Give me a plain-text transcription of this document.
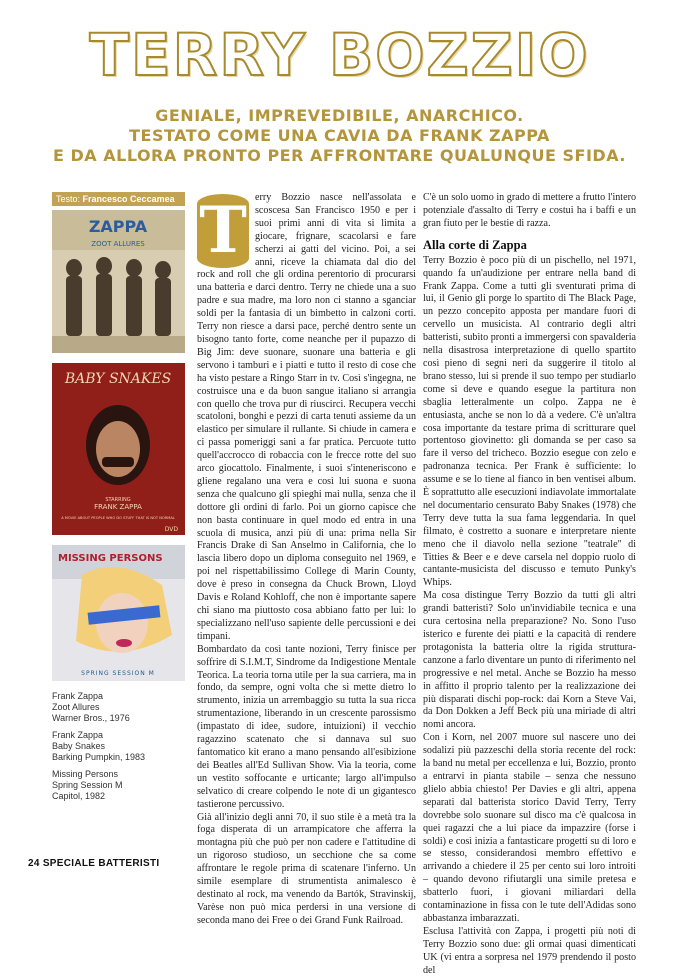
TERRY BOZZIO
GENIALE, IMPREVEDIBILE, ANARCHICO.
TESTATO COME UNA CAVIA DA FRANK ZAPPA
E DA ALLORA PRONTO PER AFFRONTARE QUALUNQUE SFIDA.
Testo: Francesco Ceccamea
ZAPPA
ZOOT ALLURES
BABY SNAKES
STARRING
FRANK ZAPPA
A MOVIE ABOUT PEOPLE WHO DO STUFF THAT IS NOT NORMAL
DVD
MISSING PERSONS
SPRING SESSION M
Frank Zappa
Zoot Allures
Warner Bros., 1976
Frank Zappa
Baby Snakes
Barking Pumpkin, 1983
Missing Persons
Spring Session M
Capitol, 1982
T erry Bozzio nasce nell'assolata e scoscesa San Francisco 1950 e per i suoi primi anni di vita si limita a giocare, frignare, scacolarsi e fare scherzi ai gatti del vicino. Poi, a sei anni, riceve la chiamata dal dio del rock and roll che gli ordina perentorio di procurarsi una batteria e darci dentro. Terry ne chiede una a suo padre e sua madre, ma loro non ci stanno a sganciar soldi per la fantasia di un bimbetto in calzoni corti. Terry non riesce a darsi pace, perché dentro sente un bisogno tanto forte, come neanche per il pupazzo di Big Jim: deve suonare, suonare una batteria e gli servono i tamburi e i piatti e tutto il resto di cose che ha visto pestare a Ringo Starr in tv. Così s'ingegna, ne costruisce una e da buon sangue italiano si arrangia con quello che trova pur di riuscirci. Recupera vecchi scatoloni, bonghi e pezzi di carta tenuti assieme da un elastico per simulare il rullante. Si chiude in camera e ci passa pomeriggi sani a far pratica. Percuote tutto quell'accrocco di robaccia con le frecce rotte del suo arco giocattolo. Finalmente, i suoi s'inteneriscono e gliene regalano una vera e così lui suona e suona senza che qualcuno gli spieghi mai nulla, senza che il dottore gli ordini di farlo. Poi un giorno capisce che non basta continuare in quel modo ed entra in una scuola di musica, anzi più di una: prima nella Sir Francis Drake di San Anselmo in California, che lo lascia libero dopo un diploma conseguito nel 1969, e poi nel rispettabilissimo College di Marin County, dove è preso in consegna da Chuck Brown, Lloyd Davis e Roland Kohloff, che non è importante sapere chi siano ma piuttosto cosa abbiano fatto per lui: lo specializzano nell'uso sapiente delle percussioni e dei timpani.

Bombardato da così tante nozioni, Terry finisce per soffrire di S.I.M.T, Sindrome da Indigestione Mentale Teorica. La teoria torna utile per la sua carriera, ma in fondo, da sempre, ogni volta che si mette dietro lo strumento, inizia un arrembaggio su tutta la sua ricca strumentazione, liberando in un crescente parossismo (impastato di idee, sudore, intuizioni) il vecchio ragazzino scatenato che si dannava sul suo fantomatico kit erano a mano pensando all'esibizione dei Beatles all'Ed Sullivan Show. Via la teoria, come un vestito soffocante e urticante; largo all'impulso selvatico di creare colpendo le note di un gigantesco tastierone percussivo.

Già all'inizio degli anni 70, il suo stile è a metà tra la foga disperata di un arrampicatore che afferra la montagna più che può per non cadere e l'attitudine di un rigoroso studioso, un secchione che sa come affrontare le regole prima di scatenare l'inferno. Un simile esemplare di strumentista animalesco è destinato al rock, ma venendo da Bartók, Stravinskij, Varèse non può mica perdersi in una versione di seconda mano dei Free o dei Grand Funk Railroad.

C'è un solo uomo in grado di mettere a frutto l'intero potenziale d'assalto di Terry e costui ha i baffi e un gran fiuto per le bestie di razza.

Alla corte di Zappa

Terry Bozzio è poco più di un pischello, nel 1971, quando fa un'audizione per entrare nella band di Frank Zappa. Come a tutti gli sventurati prima di lui, il Genio gli porge lo spartito di The Black Page, un pezzo concepito apposta per mandare fuori di cervello un musicista. Al contrario degli altri batteristi, subito pronti a immergersi con spavalderia nella disastrosa interpretazione di quello spartito così pieno di segni neri da suggerire il titolo al brano stesso, lui si prende il suo tempo per studiarlo come si deve e quando esegue la partitura non sbaglia letteralmente un colpo. Zappa ne è entusiasta, anche se non lo dà a vedere. C'è un'altra cosa importante da testare prima di scritturare quel portentoso giovinetto: gli domanda se per caso sa fare il verso del tricheco. Bozzio esegue con zelo e padronanza tecnica. Per Frank è sufficiente: lo assume e se lo tiene al fianco in ben ventisei album. È soprattutto alle esecuzioni indiavolate immortalate nel documentario censurato Baby Snakes (1978) che Terry deve tutta la sua fama leggendaria. In quel filmato, è costretto a suonare e interpretare niente meno che il diavolo nella sezione "teatrale" di Titties & Beer e e deve carsela nel doppio ruolo di cantante-musicista del discusso e temuto Punky's Whips.

Ma cosa distingue Terry Bozzio da tutti gli altri grandi batteristi? Solo un'invidiabile tecnica e una cura certosina nella preparazione? No. Sono l'uso isterico e furente dei piatti e la capacità di rendere protagonista la batteria oltre la rigida struttura-canzone a farlo diventare un punto di riferimento nel progressive e nel metal. Anche se Bozzio ha messo in affitto il proprio talento per la realizzazione dei più disparati dischi pop-rock: dai Korn a Steve Vai, da Don Dokken a Jeff Beck più una miriade di altri nomi ancora.

Con i Korn, nel 2007 muore sul nascere uno dei sodalizi più pazzeschi della storia recente del rock: la band nu metal per eccellenza e lui, Bozzio, pronto a entrarvi in pianta stabile – senza che nessuno glielo abbia chiesto! Per Davies e gli altri, appena separati dal batterista storico David Terry, Terry dovrebbe solo suonare sul disco ma c'è qualcosa in quei ragazzi che a lui piace da impazzire (forse i soldi) e così inizia a fantasticare progetti su di loro e se stesso, considerandosi membro effettivo e arrivando a chiedere il 25 per cento sui loro introiti – quando devono rifiutargli una simile pretesa e sbatterlo fuori, i giovani miliardari della contaminazione in fissa con le tute dell'Adidas sono abbastanza imbarazzati.

Esclusa l'attività con Zappa, i progetti più noti di Terry Bozzio sono due: gli ormai quasi dimenticati UK (vi entra a sorpresa nel 1979 prendendo il posto del

24 SPECIALE BATTERISTI
